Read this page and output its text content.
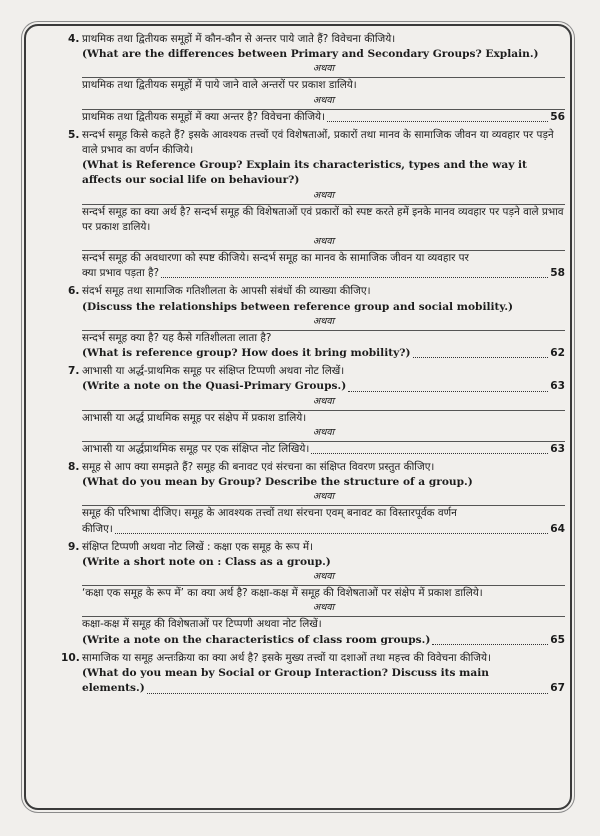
4. प्राथमिक तथा द्वितीयक समूहों में कौन-कौन से अन्तर पाये जाते हैं? विवेचना कीजिये।
(What are the differences between Primary and Secondary Groups? Explain.)
अथवा
प्राथमिक तथा द्वितीयक समूहों में पाये जाने वाले अन्तरों पर प्रकाश डालिये।
अथवा
प्राथमिक तथा द्वितीयक समूहों में क्या अन्तर है? विवेचना कीजिये।	56
5. सन्दर्भ समूह किसे कहते हैं? इसके आवश्यक तत्त्वों एवं विशेषताओं, प्रकारों तथा मानव के सामाजिक जीवन या व्यवहार पर पड़ने वाले प्रभाव का वर्णन कीजिये।
(What is Reference Group? Explain its characteristics, types and the way it affects our social life on behaviour?)
अथवा
सन्दर्भ समूह का क्या अर्थ है? सन्दर्भ समूह की विशेषताओं एवं प्रकारों को स्पष्ट करते हमें इनके मानव व्यवहार पर पड़ने वाले प्रभाव पर प्रकाश डालिये।
अथवा
सन्दर्भ समूह की अवधारणा को स्पष्ट कीजिये। सन्दर्भ समूह का मानव के सामाजिक जीवन या व्यवहार पर
क्या प्रभाव पड़ता है?	58
6. संदर्भ समूह तथा सामाजिक गतिशीलता के आपसी संबंधों की व्याख्या कीजिए।
(Discuss the relationships between reference group and social mobility.)
अथवा
सन्दर्भ समूह क्या है? यह कैसे गतिशीलता लाता है?
(What is reference group? How does it bring mobility?)	62
7. आभासी या अर्द्ध-प्राथमिक समूह पर संक्षिप्त टिप्पणी अथवा नोट लिखें।
(Write a note on the Quasi-Primary Groups.)	63
अथवा
आभासी या अर्द्ध प्राथमिक समूह पर संक्षेप में प्रकाश डालिये।
अथवा
आभासी या अर्द्धप्राथमिक समूह पर एक संक्षिप्त नोट लिखिये।	63
8. समूह से आप क्या समझते हैं? समूह की बनावट एवं संरचना का संक्षिप्त विवरण प्रस्तुत कीजिए।
(What do you mean by Group? Describe the structure of a group.)
अथवा
समूह की परिभाषा दीजिए। समूह के आवश्यक तत्त्वों तथा संरचना एवम् बनावट का विस्तारपूर्वक वर्णन
कीजिए।	64
9. संक्षिप्त टिप्पणी अथवा नोट लिखें : कक्षा एक समूह के रूप में।
(Write a short note on : Class as a group.)
अथवा
‘कक्षा एक समूह के रूप में’ का क्या अर्थ है? कक्षा-कक्ष में समूह की विशेषताओं पर संक्षेप में प्रकाश डालिये।
अथवा
कक्षा-कक्ष में समूह की विशेषताओं पर टिप्पणी अथवा नोट लिखें।
(Write a note on the characteristics of class room groups.)	65
10. सामाजिक या समूह अन्तःक्रिया का क्या अर्थ है? इसके मुख्य तत्त्वों या दशाओं तथा महत्त्व की विवेचना कीजिये।
(What do you mean by Social or Group Interaction? Discuss its main
elements.)	67
